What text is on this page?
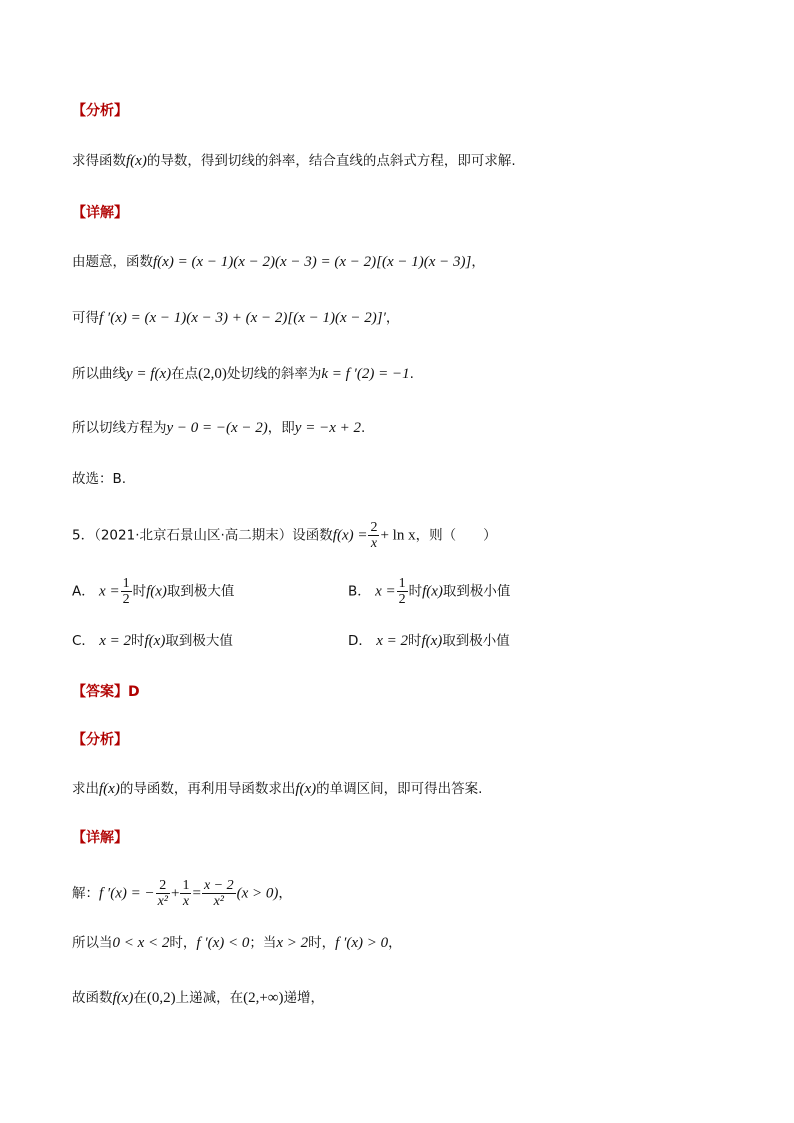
【分析】
求得函数f(x)的导数，得到切线的斜率，结合直线的点斜式方程，即可求解.
【详解】
由题意，函数f(x) = (x − 1)(x − 2)(x − 3) = (x − 2)[(x − 1)(x − 3)]，
可得f ′(x) = (x − 1)(x − 3) + (x − 2)[(x − 1)(x − 2)]′，
所以曲线y = f(x)在点(2,0)处切线的斜率为k = f ′(2) = −1.
所以切线方程为y − 0 = −(x − 2)，即y = −x + 2.
故选：B.
5．（2021·北京石景山区·高二期末）设函数$f(x) = \frac{2}{x} + \ln x$，则（　　）
A． $x = \frac{1}{2}$ 时f(x)取到极大值	B． $x = \frac{1}{2}$ 时f(x)取到极小值
C． x = 2时f(x)取到极大值	D． x = 2时f(x)取到极小值
【答案】D
【分析】
求出f(x)的导函数，再利用导函数求出f(x)的单调区间，即可得出答案.
【详解】
解：f ′(x) = − $\frac{2}{\text{x²}} + \frac{1}{x} = \frac{x - 2}{\text{x²}} (x > 0)$，
所以当0 < x < 2时，f ′(x) < 0；当x > 2时，f ′(x) > 0，
故函数f(x)在(0,2)上递减，在(2,+∞)递增，
